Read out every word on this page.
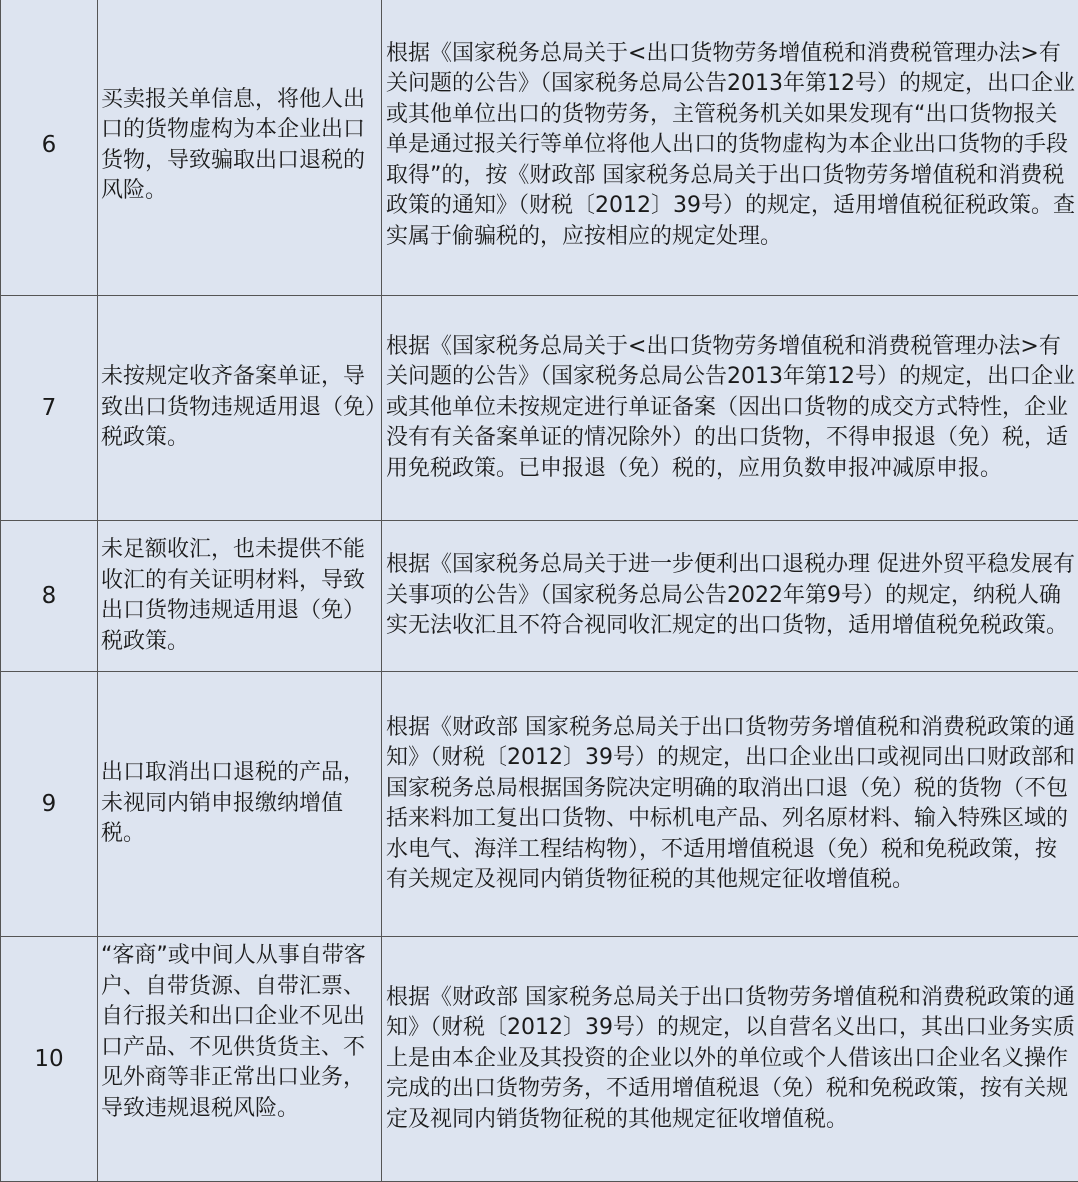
6	买卖报关单信息，将他人出口的货物虚构为本企业出口货物，导致骗取出口退税的风险。	根据《国家税务总局关于<出口货物劳务增值税和消费税管理办法>有关问题的公告》（国家税务总局公告2013年第12号）的规定，出口企业或其他单位出口的货物劳务，主管税务机关如果发现有“出口货物报关单是通过报关行等单位将他人出口的货物虚构为本企业出口货物的手段取得”的，按《财政部 国家税务总局关于出口货物劳务增值税和消费税政策的通知》（财税〔2012〕39号）的规定，适用增值税征税政策。查实属于偷骗税的，应按相应的规定处理。
7	未按规定收齐备案单证，导致出口货物违规适用退（免）税政策。	根据《国家税务总局关于<出口货物劳务增值税和消费税管理办法>有关问题的公告》（国家税务总局公告2013年第12号）的规定，出口企业或其他单位未按规定进行单证备案（因出口货物的成交方式特性，企业没有有关备案单证的情况除外）的出口货物，不得申报退（免）税，适用免税政策。已申报退（免）税的，应用负数申报冲减原申报。
8	未足额收汇，也未提供不能收汇的有关证明材料，导致出口货物违规适用退（免）税政策。	根据《国家税务总局关于进一步便利出口退税办理 促进外贸平稳发展有关事项的公告》（国家税务总局公告2022年第9号）的规定，纳税人确实无法收汇且不符合视同收汇规定的出口货物，适用增值税免税政策。
9	出口取消出口退税的产品，未视同内销申报缴纳增值税。	根据《财政部 国家税务总局关于出口货物劳务增值税和消费税政策的通知》（财税〔2012〕39号）的规定，出口企业出口或视同出口财政部和国家税务总局根据国务院决定明确的取消出口退（免）税的货物（不包括来料加工复出口货物、中标机电产品、列名原材料、输入特殊区域的水电气、海洋工程结构物），不适用增值税退（免）税和免税政策，按有关规定及视同内销货物征税的其他规定征收增值税。
10	“客商”或中间人从事自带客户、自带货源、自带汇票、自行报关和出口企业不见出口产品、不见供货货主、不见外商等非正常出口业务，导致违规退税风险。	根据《财政部 国家税务总局关于出口货物劳务增值税和消费税政策的通知》（财税〔2012〕39号）的规定，以自营名义出口，其出口业务实质上是由本企业及其投资的企业以外的单位或个人借该出口企业名义操作完成的出口货物劳务，不适用增值税退（免）税和免税政策，按有关规定及视同内销货物征税的其他规定征收增值税。
